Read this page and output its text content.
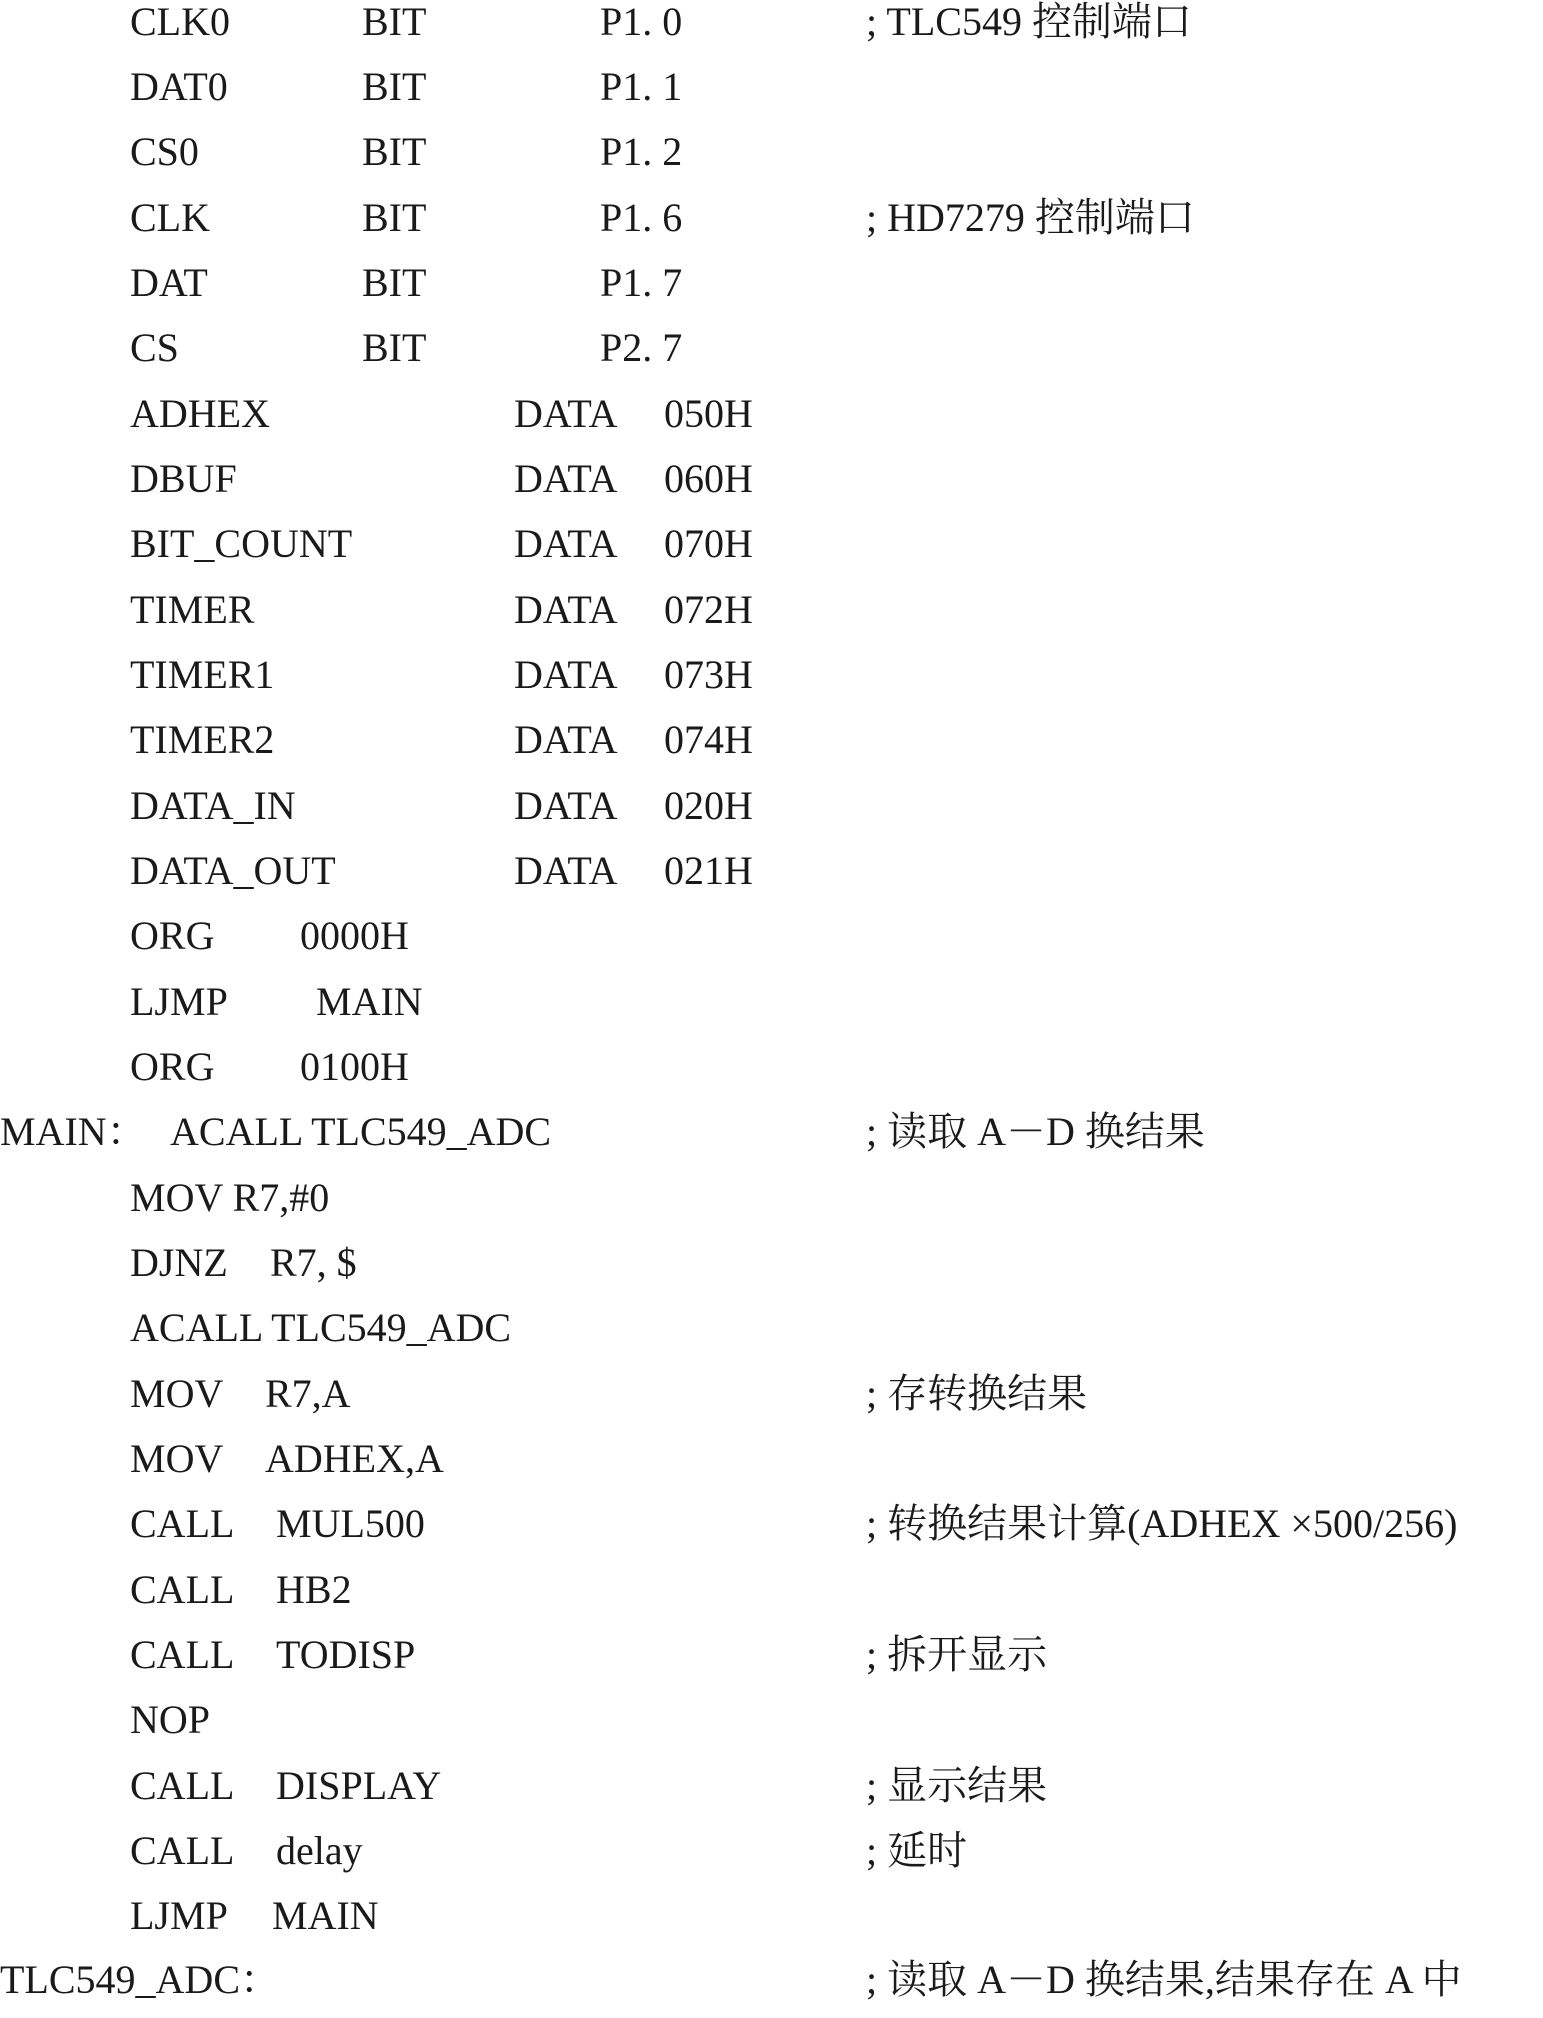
CLK0	BIT	P1. 0	; TLC549 控制端口
DAT0	BIT	P1. 1
CS0	BIT	P1. 2
CLK	BIT	P1. 6	; HD7279 控制端口
DAT	BIT	P1. 7
CS	BIT	P2. 7
ADHEX	DATA 050H
DBUF	DATA 060H
BIT_COUNT	DATA 070H
TIMER	DATA 072H
TIMER1	DATA 073H
TIMER2	DATA 074H
DATA_IN	DATA 020H
DATA_OUT	DATA 021H
ORG 0000H
LJMP MAIN
ORG 0100H
MAIN： ACALL TLC549_ADC	; 读取 A－D 换结果
MOV R7,#0
DJNZ R7, $
ACALL TLC549_ADC
MOV R7,A	; 存转换结果
MOV ADHEX,A
CALL MUL500	; 转换结果计算(ADHEX ×500/256)
CALL HB2
CALL TODISP	; 拆开显示
NOP
CALL DISPLAY	; 显示结果
CALL delay	; 延时
LJMP MAIN
TLC549_ADC：	; 读取 A－D 换结果,结果存在 A 中
